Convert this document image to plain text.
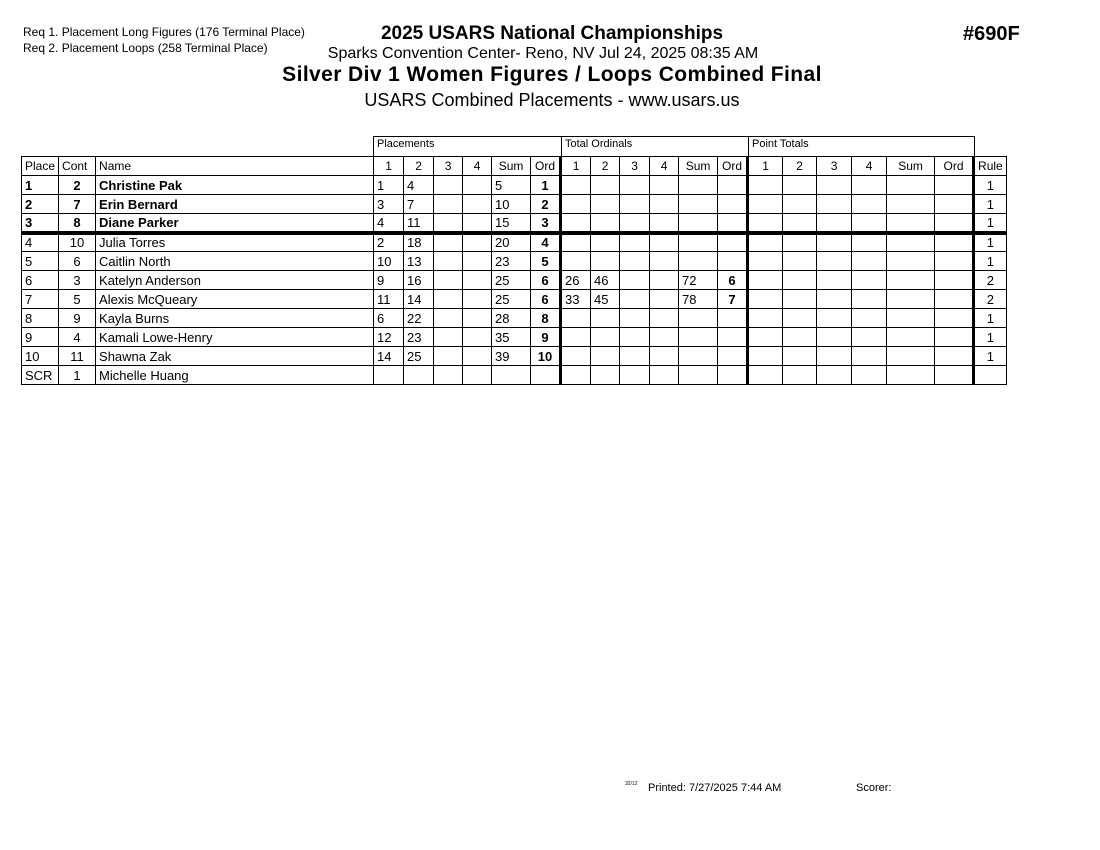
Req 1. Placement Long Figures (176 Terminal Place)
Req 2. Placement Loops (258 Terminal Place)
2025 USARS National Championships
Sparks Convention Center- Reno, NV Jul 24, 2025 08:35 AM
Silver Div 1 Women Figures / Loops Combined Final
USARS Combined Placements - www.usars.us
#690F
Placements	Total Ordinals	Point Totals
Place	Cont	Name	1	2	3	4	Sum	Ord	1	2	3	4	Sum	Ord	1	2	3	4	Sum	Ord	Rule
1	2	Christine Pak	1	4			5	1													1
2	7	Erin Bernard	3	7			10	2													1
3	8	Diane Parker	4	11			15	3													1
4	10	Julia Torres	2	18			20	4													1
5	6	Caitlin North	10	13			23	5													1
6	3	Katelyn Anderson	9	16			25	6	26	46			72	6							2
7	5	Alexis McQueary	11	14			25	6	33	45			78	7							2
8	9	Kayla Burns	6	22			28	8													1
9	4	Kamali Lowe-Henry	12	23			35	9													1
10	11	Shawna Zak	14	25			39	10													1
SCR	1	Michelle Huang																			
32/12 Printed: 7/27/2025 7:44 AM	Scorer:
